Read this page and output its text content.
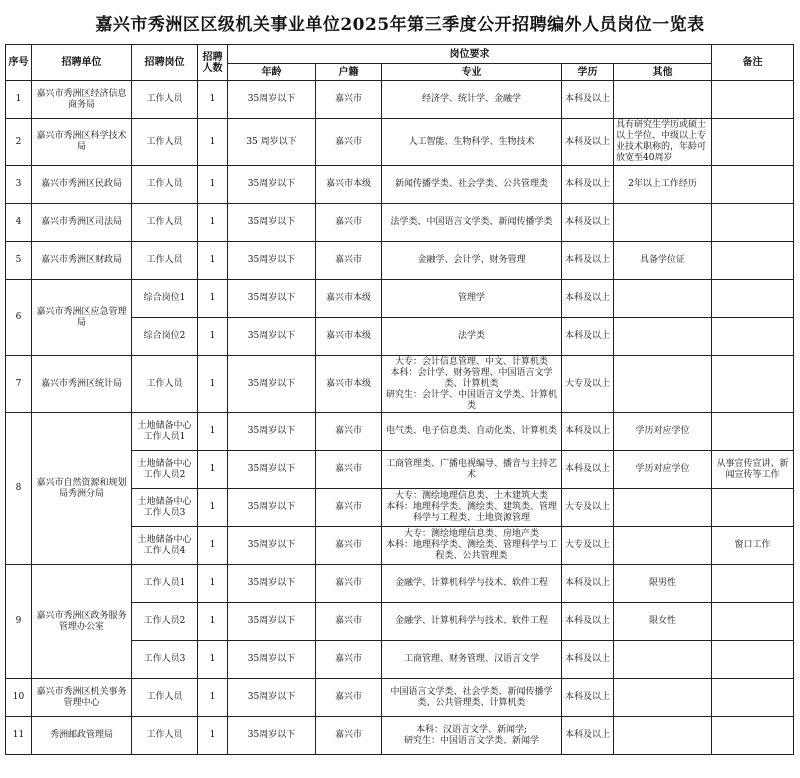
嘉兴市秀洲区区级机关事业单位2025年第三季度公开招聘编外人员岗位一览表
序号	招聘单位	招聘岗位	招聘人数	岗位要求					备注
				年龄	户籍	专业	学历	其他	
1	嘉兴市秀洲区经济信息商务局	工作人员	1	35周岁以下	嘉兴市	经济学、统计学、金融学	本科及以上		
2	嘉兴市秀洲区科学技术局	工作人员	1	35 周岁以下	嘉兴市	人工智能、生物科学、生物技术	本科及以上	具有研究生学历或硕士以上学位、中级以上专业技术职称的，年龄可放宽至40周岁	
3	嘉兴市秀洲区民政局	工作人员	1	35周岁以下	嘉兴市本级	新闻传播学类、社会学类、公共管理类	本科及以上	2年以上工作经历	
4	嘉兴市秀洲区司法局	工作人员	1	35周岁以下	嘉兴市	法学类、中国语言文学类、新闻传播学类	本科及以上		
5	嘉兴市秀洲区财政局	工作人员	1	35周岁以下	嘉兴市	金融学、会计学、财务管理	本科及以上	具备学位证	
6	嘉兴市秀洲区应急管理局	综合岗位1	1	35周岁以下	嘉兴市本级	管理学	本科及以上		
		综合岗位2	1	35周岁以下	嘉兴市本级	法学类	本科及以上		
7	嘉兴市秀洲区统计局	工作人员	1	35周岁以下	嘉兴市本级	大专：会计信息管理、中文、计算机类
本科：会计学、财务管理、中国语言文学类、计算机类
研究生：会计学、中国语言文学类、计算机类	大专及以上		
8	嘉兴市自然资源和规划局秀洲分局	土地储备中心工作人员1	1	35周岁以下	嘉兴市	电气类、电子信息类、自动化类、计算机类	本科及以上	学历对应学位	
		土地储备中心工作人员2	1	35周岁以下	嘉兴市	工商管理类、广播电视编导、播音与主持艺术	本科及以上	学历对应学位	从事宣传宣讲、新闻宣传等工作
		土地储备中心工作人员3	1	35周岁以下	嘉兴市	大专：测绘地理信息类、土木建筑大类
本科：地理科学类、测绘类、建筑类、管理科学与工程类、土地资源管理	大专及以上		
		土地储备中心工作人员4	1	35周岁以下	嘉兴市	大专：测绘地理信息类、房地产类
本科：地理科学类、测绘类、管理科学与工程类、公共管理类	大专及以上		窗口工作
9	嘉兴市秀洲区政务服务管理办公室	工作人员1	1	35周岁以下	嘉兴市	金融学、计算机科学与技术、软件工程	本科及以上	限男性	
		工作人员2	1	35周岁以下	嘉兴市	金融学、计算机科学与技术、软件工程	本科及以上	限女性	
		工作人员3	1	35周岁以下	嘉兴市	工商管理、财务管理、汉语言文学	本科及以上		
10	嘉兴市秀洲区机关事务管理中心	工作人员	1	35周岁以下	嘉兴市	中国语言文学类、社会学类、新闻传播学类、公共管理类、计算机类	本科及以上		
11	秀洲邮政管理局	工作人员	1	35周岁以下	嘉兴市	本科：汉语言文学、新闻学;
研究生：中国语言文学类、新闻学	本科及以上		
